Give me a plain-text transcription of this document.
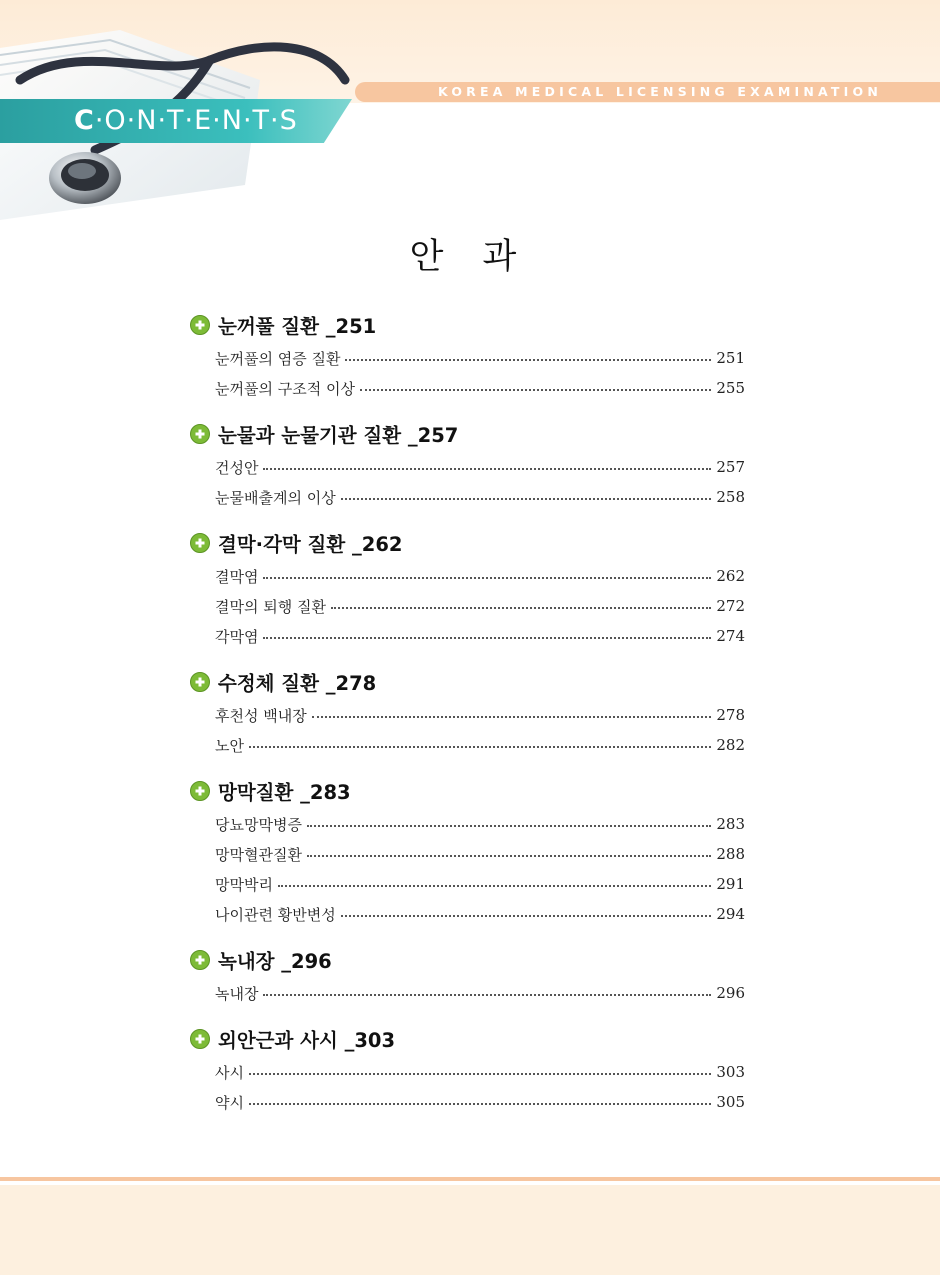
KOREA MEDICAL LICENSING EXAMINATION
C·O·N·T·E·N·T·S
안 과
눈꺼풀 질환 _251
눈꺼풀의 염증 질환	251
눈꺼풀의 구조적 이상	255
눈물과 눈물기관 질환 _257
건성안	257
눈물배출계의 이상	258
결막·각막 질환 _262
결막염	262
결막의 퇴행 질환	272
각막염	274
수정체 질환 _278
후천성 백내장	278
노안	282
망막질환 _283
당뇨망막병증	283
망막혈관질환	288
망막박리	291
나이관련 황반변성	294
녹내장 _296
녹내장	296
외안근과 사시 _303
사시	303
약시	305
